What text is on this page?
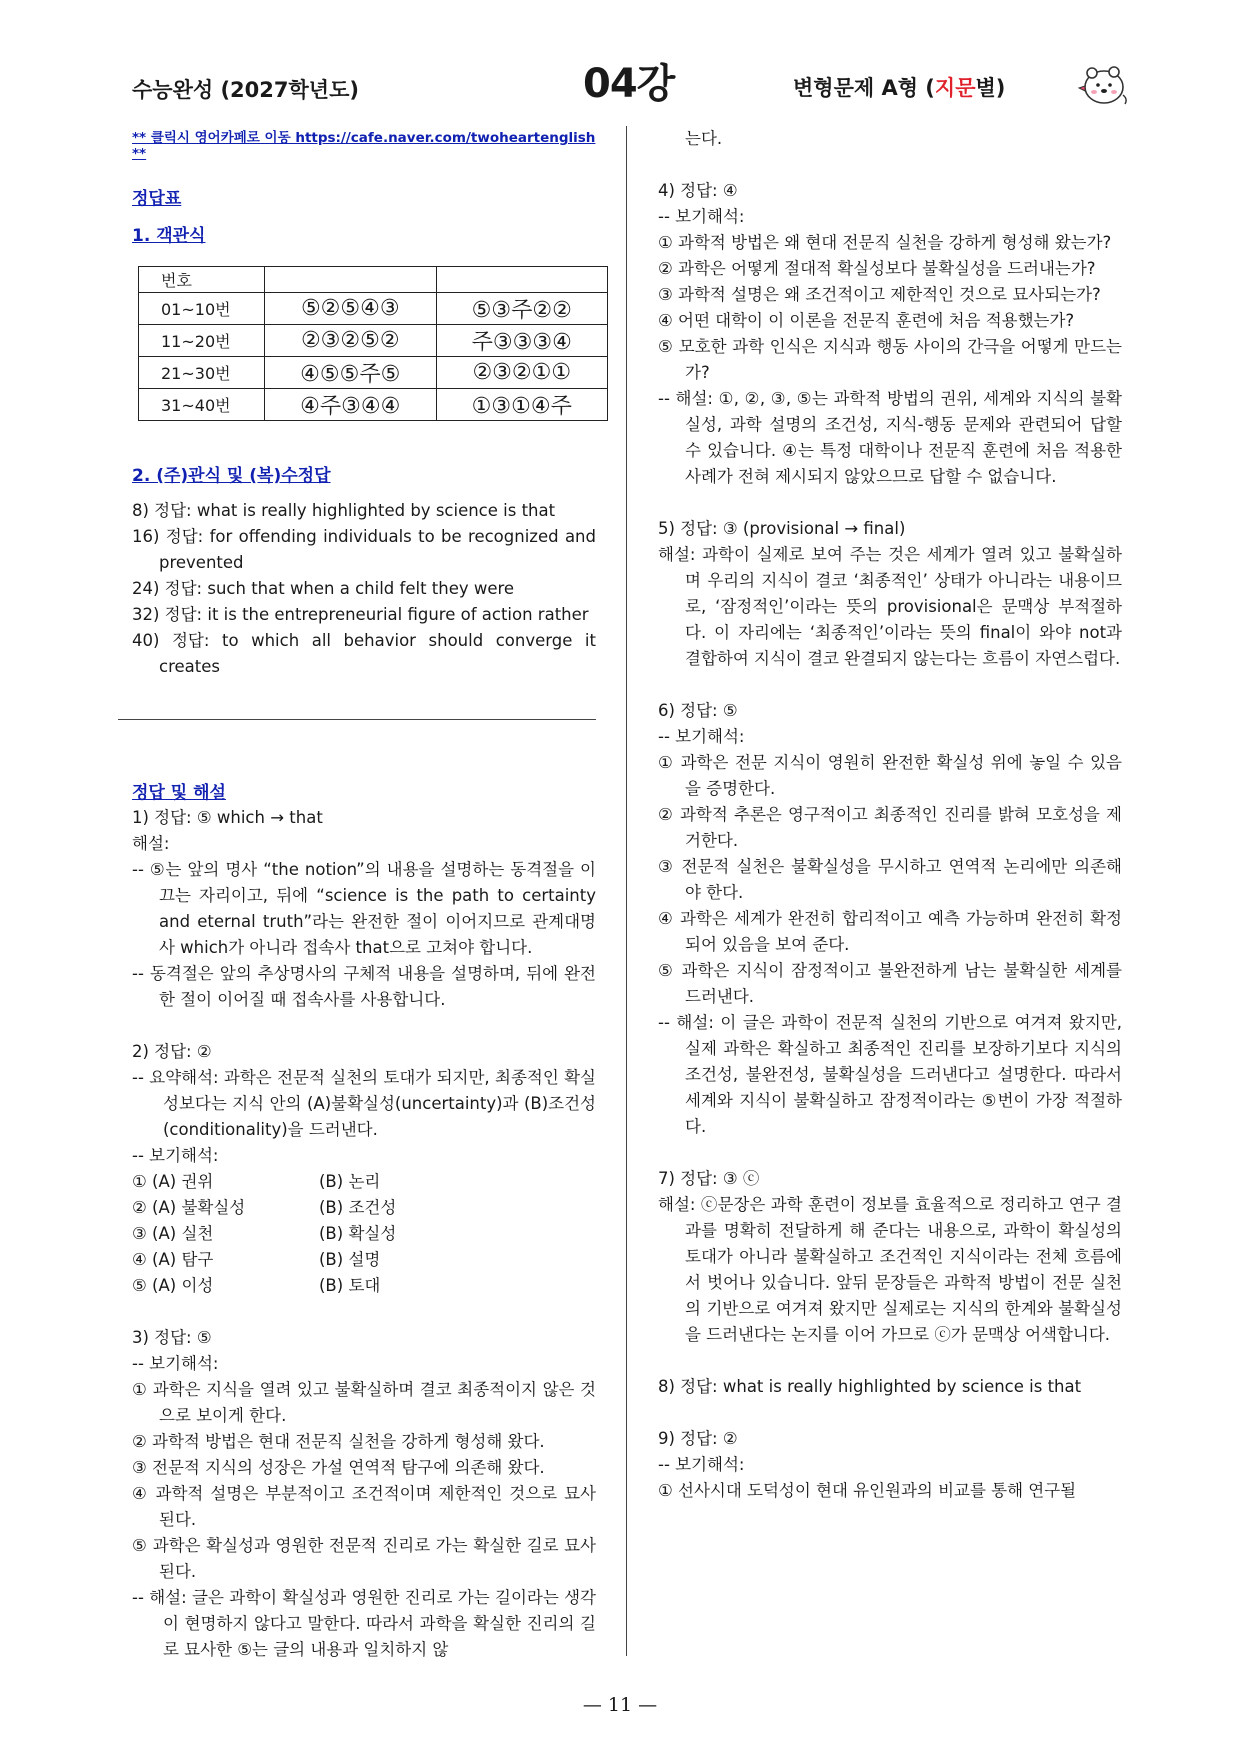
수능완성 (2027학년도)	04강	변형문제 A형 (지문별)
** 클릭시 영어카페로 이동 https://cafe.naver.com/twoheartenglish **
정답표
1. 객관식
번호		
01~10번	⑤②⑤④③	⑤③주②②
11~20번	②③②⑤②	주③③③④
21~30번	④⑤⑤주⑤	②③②①①
31~40번	④주③④④	①③①④주
2. (주)관식 및 (복)수정답
8) 정답: what is really highlighted by science is that
16) 정답: for offending individuals to be recognized and prevented
24) 정답: such that when a child felt they were
32) 정답: it is the entrepreneurial figure of action rather
40) 정답: to which all behavior should converge it creates
정답 및 해설
1) 정답: ⑤ which → that
해설:
-- ⑤는 앞의 명사 “the notion”의 내용을 설명하는 동격절을 이끄는 자리이고, 뒤에 “science is the path to certainty and eternal truth”라는 완전한 절이 이어지므로 관계대명사 which가 아니라 접속사 that으로 고쳐야 합니다.
-- 동격절은 앞의 추상명사의 구체적 내용을 설명하며, 뒤에 완전한 절이 이어질 때 접속사를 사용합니다.
2) 정답: ②
-- 요약해석: 과학은 전문적 실천의 토대가 되지만, 최종적인 확실성보다는 지식 안의 (A)불확실성(uncertainty)과 (B)조건성(conditionality)을 드러낸다.
-- 보기해석:
① (A) 권위	(B) 논리
② (A) 불확실성	(B) 조건성
③ (A) 실천	(B) 확실성
④ (A) 탐구	(B) 설명
⑤ (A) 이성	(B) 토대
3) 정답: ⑤
-- 보기해석:
① 과학은 지식을 열려 있고 불확실하며 결코 최종적이지 않은 것으로 보이게 한다.
② 과학적 방법은 현대 전문직 실천을 강하게 형성해 왔다.
③ 전문적 지식의 성장은 가설 연역적 탐구에 의존해 왔다.
④ 과학적 설명은 부분적이고 조건적이며 제한적인 것으로 묘사된다.
⑤ 과학은 확실성과 영원한 전문적 진리로 가는 확실한 길로 묘사된다.
-- 해설: 글은 과학이 확실성과 영원한 진리로 가는 길이라는 생각이 현명하지 않다고 말한다. 따라서 과학을 확실한 진리의 길로 묘사한 ⑤는 글의 내용과 일치하지 않
는다.
4) 정답: ④
-- 보기해석:
① 과학적 방법은 왜 현대 전문직 실천을 강하게 형성해 왔는가?
② 과학은 어떻게 절대적 확실성보다 불확실성을 드러내는가?
③ 과학적 설명은 왜 조건적이고 제한적인 것으로 묘사되는가?
④ 어떤 대학이 이 이론을 전문직 훈련에 처음 적용했는가?
⑤ 모호한 과학 인식은 지식과 행동 사이의 간극을 어떻게 만드는가?
-- 해설: ①, ②, ③, ⑤는 과학적 방법의 권위, 세계와 지식의 불확실성, 과학 설명의 조건성, 지식-행동 문제와 관련되어 답할 수 있습니다. ④는 특정 대학이나 전문직 훈련에 처음 적용한 사례가 전혀 제시되지 않았으므로 답할 수 없습니다.
5) 정답: ③ (provisional → final)
해설: 과학이 실제로 보여 주는 것은 세계가 열려 있고 불확실하며 우리의 지식이 결코 ‘최종적인’ 상태가 아니라는 내용이므로, ‘잠정적인’이라는 뜻의 provisional은 문맥상 부적절하다. 이 자리에는 ‘최종적인’이라는 뜻의 final이 와야 not과 결합하여 지식이 결코 완결되지 않는다는 흐름이 자연스럽다.
6) 정답: ⑤
-- 보기해석:
① 과학은 전문 지식이 영원히 완전한 확실성 위에 놓일 수 있음을 증명한다.
② 과학적 추론은 영구적이고 최종적인 진리를 밝혀 모호성을 제거한다.
③ 전문적 실천은 불확실성을 무시하고 연역적 논리에만 의존해야 한다.
④ 과학은 세계가 완전히 합리적이고 예측 가능하며 완전히 확정되어 있음을 보여 준다.
⑤ 과학은 지식이 잠정적이고 불완전하게 남는 불확실한 세계를 드러낸다.
-- 해설: 이 글은 과학이 전문적 실천의 기반으로 여겨져 왔지만, 실제 과학은 확실하고 최종적인 진리를 보장하기보다 지식의 조건성, 불완전성, 불확실성을 드러낸다고 설명한다. 따라서 세계와 지식이 불확실하고 잠정적이라는 ⑤번이 가장 적절하다.
7) 정답: ③ ⓒ
해설: ⓒ문장은 과학 훈련이 정보를 효율적으로 정리하고 연구 결과를 명확히 전달하게 해 준다는 내용으로, 과학이 확실성의 토대가 아니라 불확실하고 조건적인 지식이라는 전체 흐름에서 벗어나 있습니다. 앞뒤 문장들은 과학적 방법이 전문 실천의 기반으로 여겨져 왔지만 실제로는 지식의 한계와 불확실성을 드러낸다는 논지를 이어 가므로 ⓒ가 문맥상 어색합니다.
8) 정답: what is really highlighted by science is that
9) 정답: ②
-- 보기해석:
① 선사시대 도덕성이 현대 유인원과의 비교를 통해 연구될
— 11 —
